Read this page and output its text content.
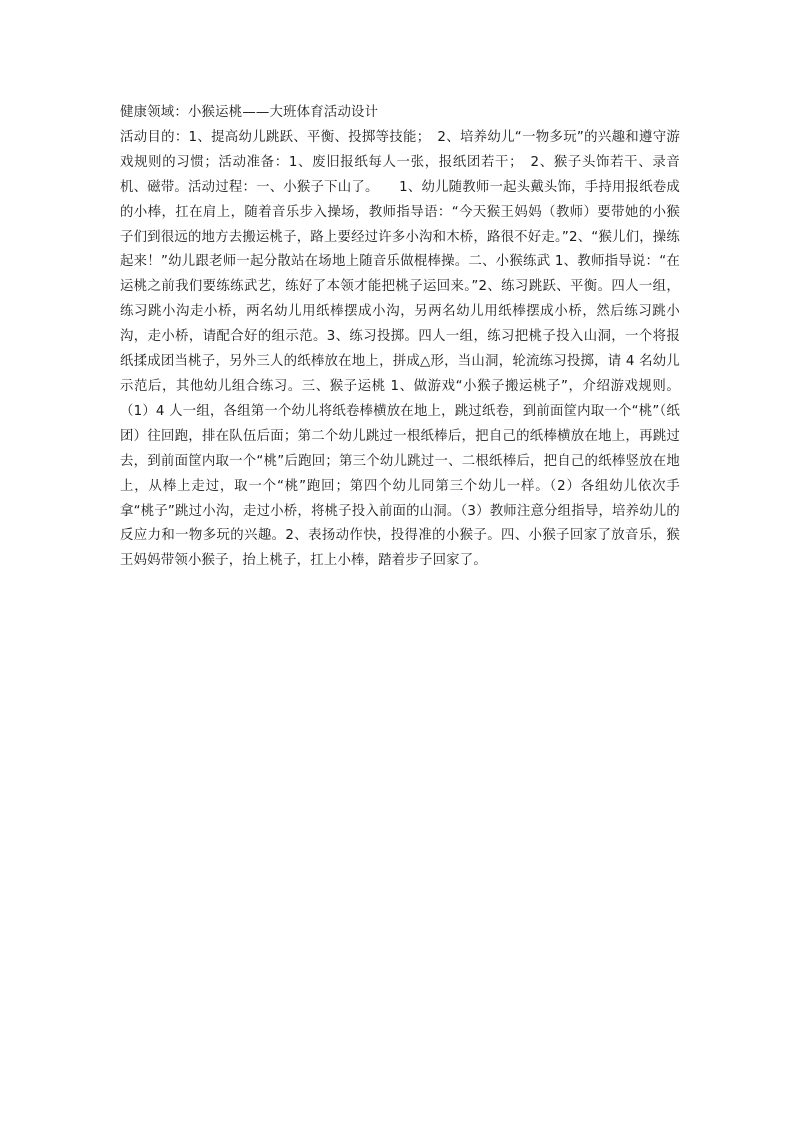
健康领域：小猴运桃——大班体育活动设计

活动目的：1、提高幼儿跳跃、平衡、投掷等技能；　2、培养幼儿“一物多玩”的兴趣和遵守游戏规则的习惯；活动准备：1、废旧报纸每人一张，报纸团若干；　2、猴子头饰若干、录音机、磁带。活动过程：一、小猴子下山了。　　1、幼儿随教师一起头戴头饰，手持用报纸卷成的小棒，扛在肩上，随着音乐步入操场，教师指导语：“今天猴王妈妈（教师）要带她的小猴子们到很远的地方去搬运桃子，路上要经过许多小沟和木桥，路很不好走。”2、“猴儿们，操练起来！”幼儿跟老师一起分散站在场地上随音乐做棍棒操。二、小猴练武 1、教师指导说：“在运桃之前我们要练练武艺，练好了本领才能把桃子运回来。”2、练习跳跃、平衡。四人一组，练习跳小沟走小桥，两名幼儿用纸棒摆成小沟，另两名幼儿用纸棒摆成小桥，然后练习跳小沟，走小桥，请配合好的组示范。3、练习投掷。四人一组，练习把桃子投入山洞，一个将报纸揉成团当桃子，另外三人的纸棒放在地上，拼成△形，当山洞，轮流练习投掷，请 4 名幼儿示范后，其他幼儿组合练习。三、猴子运桃 1、做游戏“小猴子搬运桃子”，介绍游戏规则。（1）4 人一组，各组第一个幼儿将纸卷棒横放在地上，跳过纸卷，到前面筐内取一个“桃”（纸团）往回跑，排在队伍后面；第二个幼儿跳过一根纸棒后，把自己的纸棒横放在地上，再跳过去，到前面筐内取一个“桃”后跑回；第三个幼儿跳过一、二根纸棒后，把自己的纸棒竖放在地上，从棒上走过，取一个“桃”跑回；第四个幼儿同第三个幼儿一样。（2）各组幼儿依次手拿“桃子”跳过小沟，走过小桥，将桃子投入前面的山洞。（3）教师注意分组指导，培养幼儿的反应力和一物多玩的兴趣。2、表扬动作快，投得准的小猴子。四、小猴子回家了放音乐，猴王妈妈带领小猴子，抬上桃子，扛上小棒，踏着步子回家了。
